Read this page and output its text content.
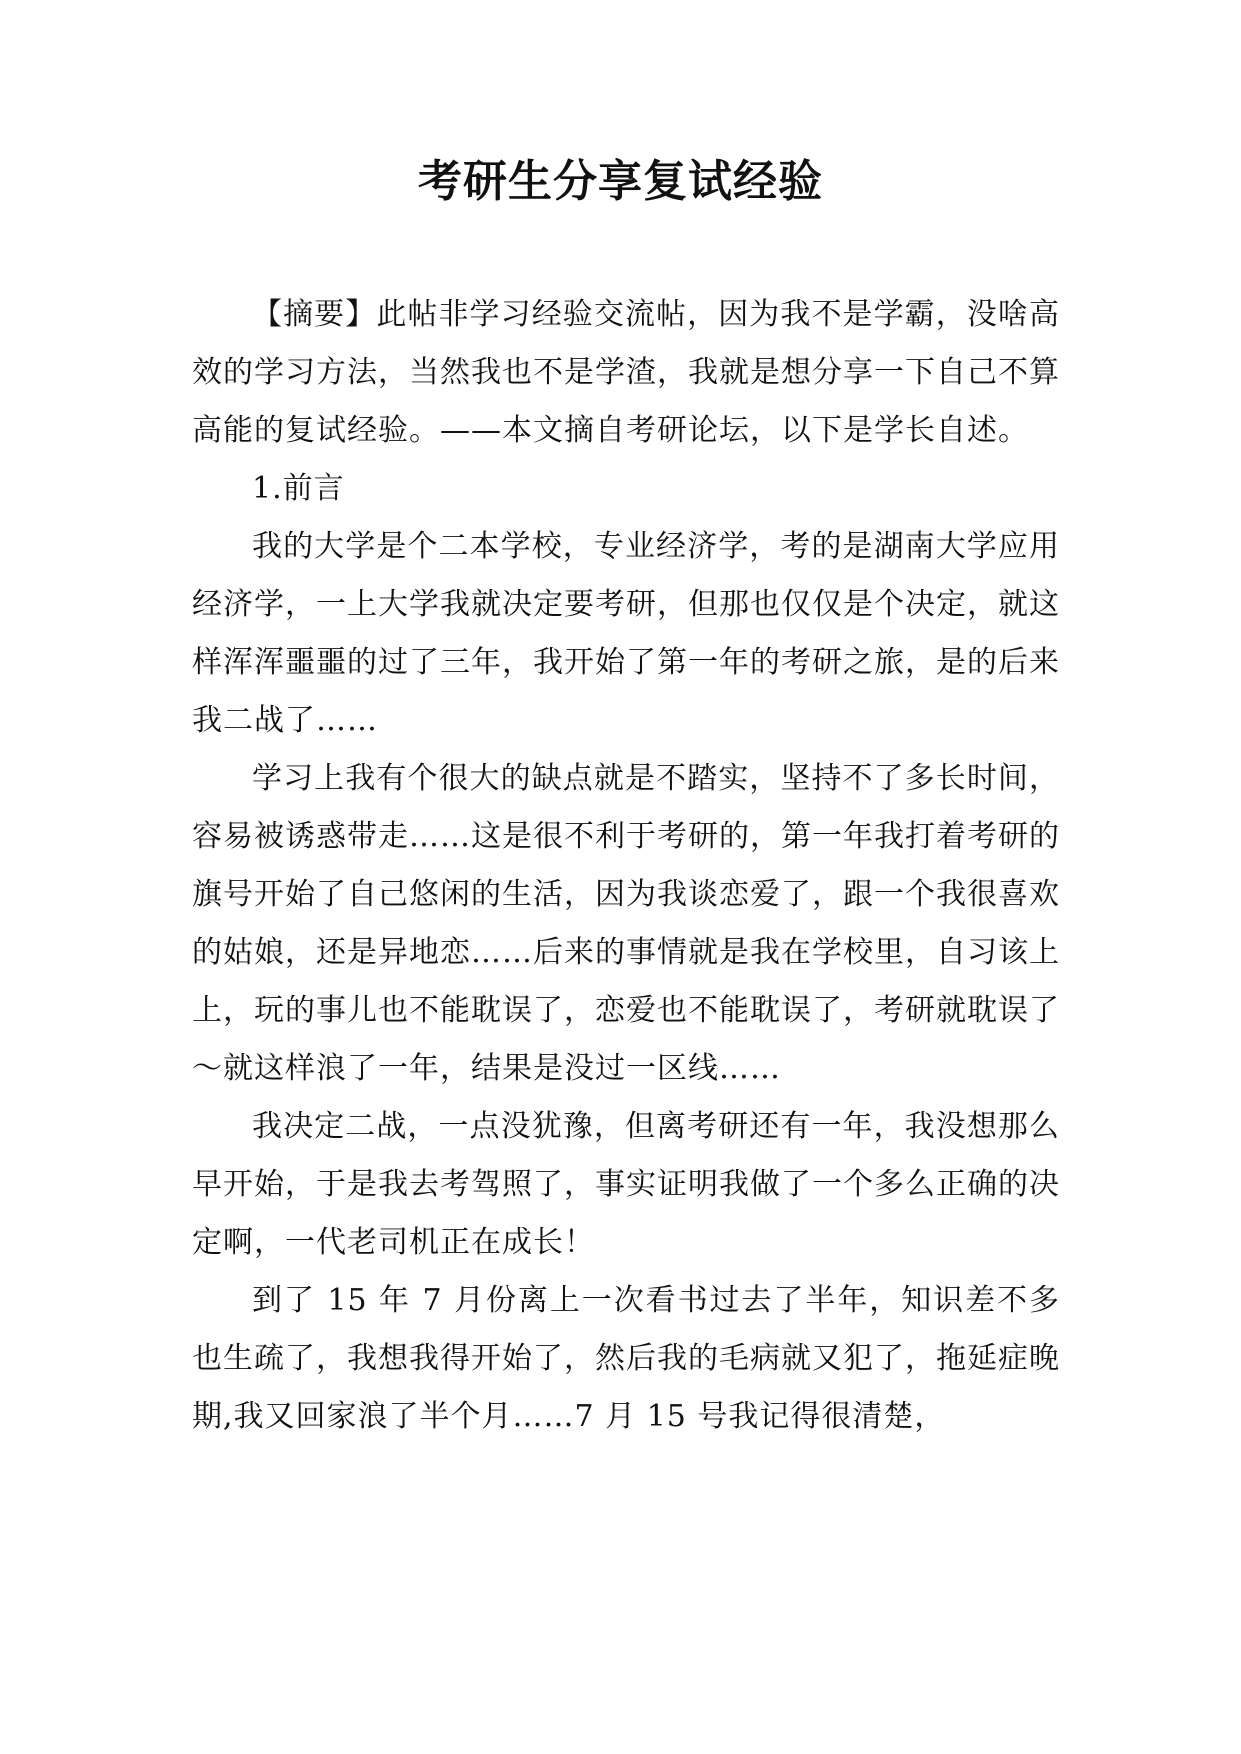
考研生分享复试经验

【摘要】此帖非学习经验交流帖，因为我不是学霸，没啥高效的学习方法，当然我也不是学渣，我就是想分享一下自己不算高能的复试经验。——本文摘自考研论坛，以下是学长自述。

1.前言

我的大学是个二本学校，专业经济学，考的是湖南大学应用经济学，一上大学我就决定要考研，但那也仅仅是个决定，就这样浑浑噩噩的过了三年，我开始了第一年的考研之旅，是的后来我二战了……

学习上我有个很大的缺点就是不踏实，坚持不了多长时间，容易被诱惑带走……这是很不利于考研的，第一年我打着考研的旗号开始了自己悠闲的生活，因为我谈恋爱了，跟一个我很喜欢的姑娘，还是异地恋……后来的事情就是我在学校里，自习该上上，玩的事儿也不能耽误了，恋爱也不能耽误了，考研就耽误了～就这样浪了一年，结果是没过一区线……

我决定二战，一点没犹豫，但离考研还有一年，我没想那么早开始，于是我去考驾照了，事实证明我做了一个多么正确的决定啊，一代老司机正在成长！

到了 15 年 7 月份离上一次看书过去了半年，知识差不多也生疏了，我想我得开始了，然后我的毛病就又犯了，拖延症晚期,我又回家浪了半个月……7 月 15 号我记得很清楚，
